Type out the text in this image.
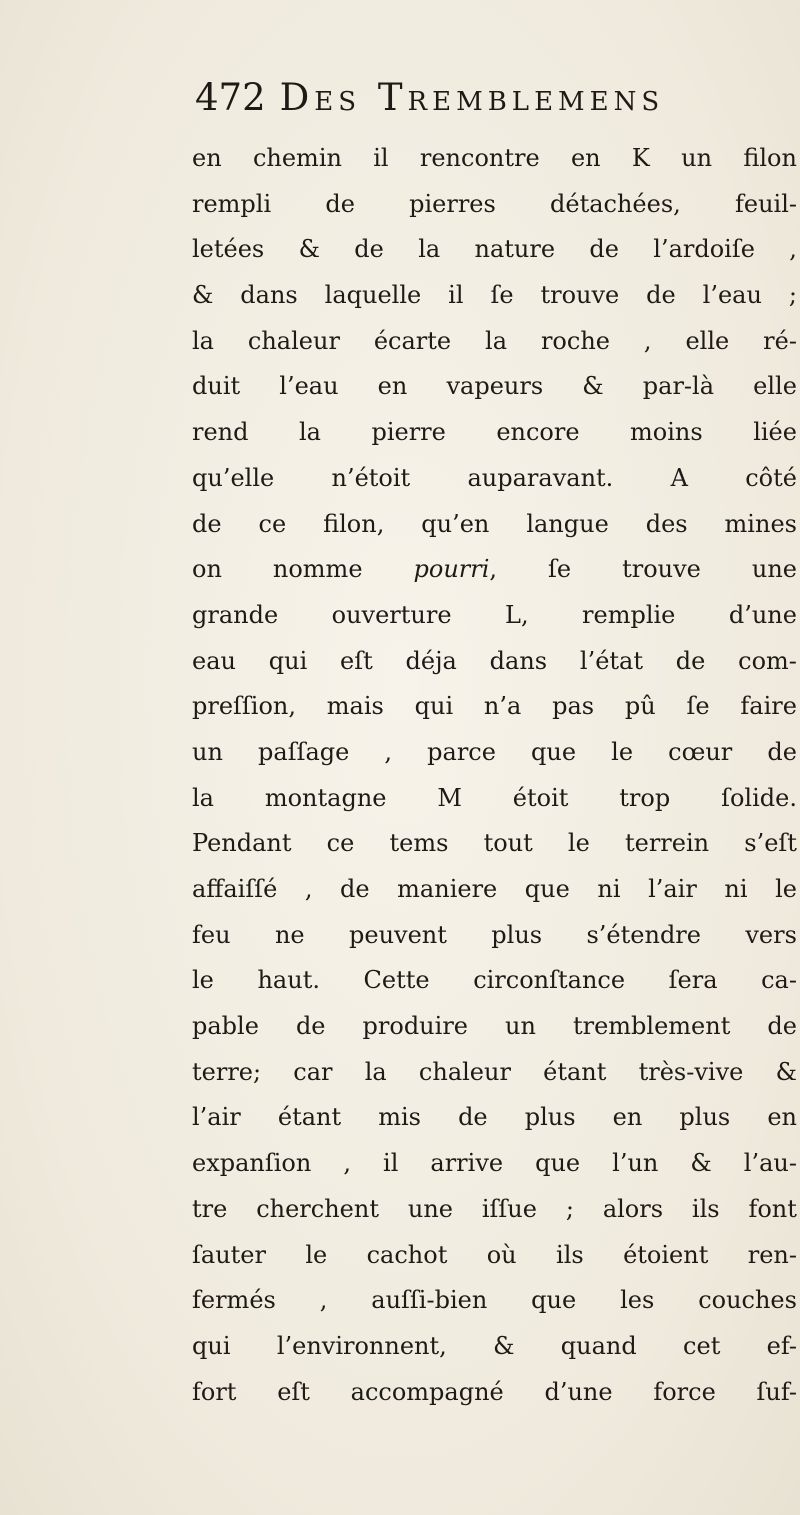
472 Des Tremblemens
en chemin il rencontre en K un filon
rempli de pierres détachées, feuil-
letées & de la nature de l’ardoiſe ,
& dans laquelle il ſe trouve de l’eau ;
la chaleur écarte la roche , elle ré-
duit l’eau en vapeurs & par-là elle
rend la pierre encore moins liée
qu’elle n’étoit auparavant. A côté
de ce filon, qu’en langue des mines
on nomme pourri, ſe trouve une
grande ouverture L, remplie d’une
eau qui eſt déja dans l’état de com-
preſſion, mais qui n’a pas pû ſe faire
un paſſage , parce que le cœur de
la montagne M étoit trop ſolide.
Pendant ce tems tout le terrein s’eſt
affaiſſé , de maniere que ni l’air ni le
feu ne peuvent plus s’étendre vers
le haut. Cette circonſtance ſera ca-
pable de produire un tremblement de
terre; car la chaleur étant très-vive &
l’air étant mis de plus en plus en
expanſion , il arrive que l’un & l’au-
tre cherchent une iſſue ; alors ils font
ſauter le cachot où ils étoient ren-
fermés , auſſi-bien que les couches
qui l’environnent, & quand cet ef-
fort eſt accompagné d’une force ſuf-
